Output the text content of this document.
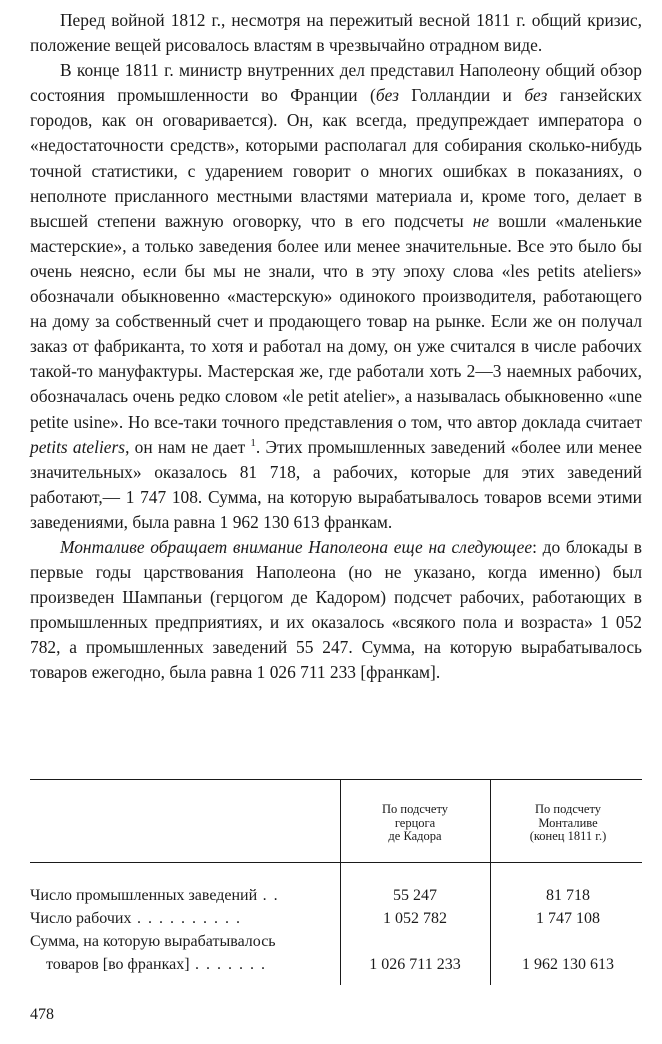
Перед войной 1812 г., несмотря на пережитый весной 1811 г. общий кризис, положение вещей рисовалось властям в чрезвычайно отрадном виде.

В конце 1811 г. министр внутренних дел представил Наполеону общий обзор состояния промышленности во Франции (без Голландии и без ганзейских городов, как он оговаривается). Он, как всегда, предупреждает императора о «недостаточности средств», которыми располагал для собирания сколько-нибудь точной статистики, с ударением говорит о многих ошибках в показаниях, о неполноте присланного местными властями материала и, кроме того, делает в высшей степени важную оговорку, что в его подсчеты не вошли «маленькие мастерские», а только заведения более или менее значительные. Все это было бы очень неясно, если бы мы не знали, что в эту эпоху слова «les petits ateliers» обозначали обыкновенно «мастерскую» одинокого производителя, работающего на дому за собственный счет и продающего товар на рынке. Если же он получал заказ от фабриканта, то хотя и работал на дому, он уже считался в числе рабочих такой-то мануфактуры. Мастерская же, где работали хоть 2—3 наемных рабочих, обозначалась очень редко словом «le petit atelier», а называлась обыкновенно «une petite usine». Но все-таки точного представления о том, что автор доклада считает petits ateliers, он нам не дает $^1$. Этих промышленных заведений «более или менее значительных» оказалось 81 718, а рабочих, которые для этих заведений работают,— 1 747 108. Сумма, на которую вырабатывалось товаров всеми этими заведениями, была равна 1 962 130 613 франкам.

Монталиве обращает внимание Наполеона еще на следующее: до блокады в первые годы царствования Наполеона (но не указано, когда именно) был произведен Шампаньи (герцогом де Кадором) подсчет рабочих, работающих в промышленных предприятиях, и их оказалось «всякого пола и возраста» 1 052 782, а промышленных заведений 55 247. Сумма, на которую вырабатывалось товаров ежегодно, была равна 1 026 711 233 [франкам].

По подсчету
герцога
де Кадора
По подсчету
Монталиве
(конец 1811 г.)
Число промышленных заведений . .	55 247	81 718
Число рабочих . . . . . . . . . .	1 052 782	1 747 108
Сумма, на которую вырабатывалось
товаров [во франках] . . . . . . .	1 026 711 233	1 962 130 613
478
